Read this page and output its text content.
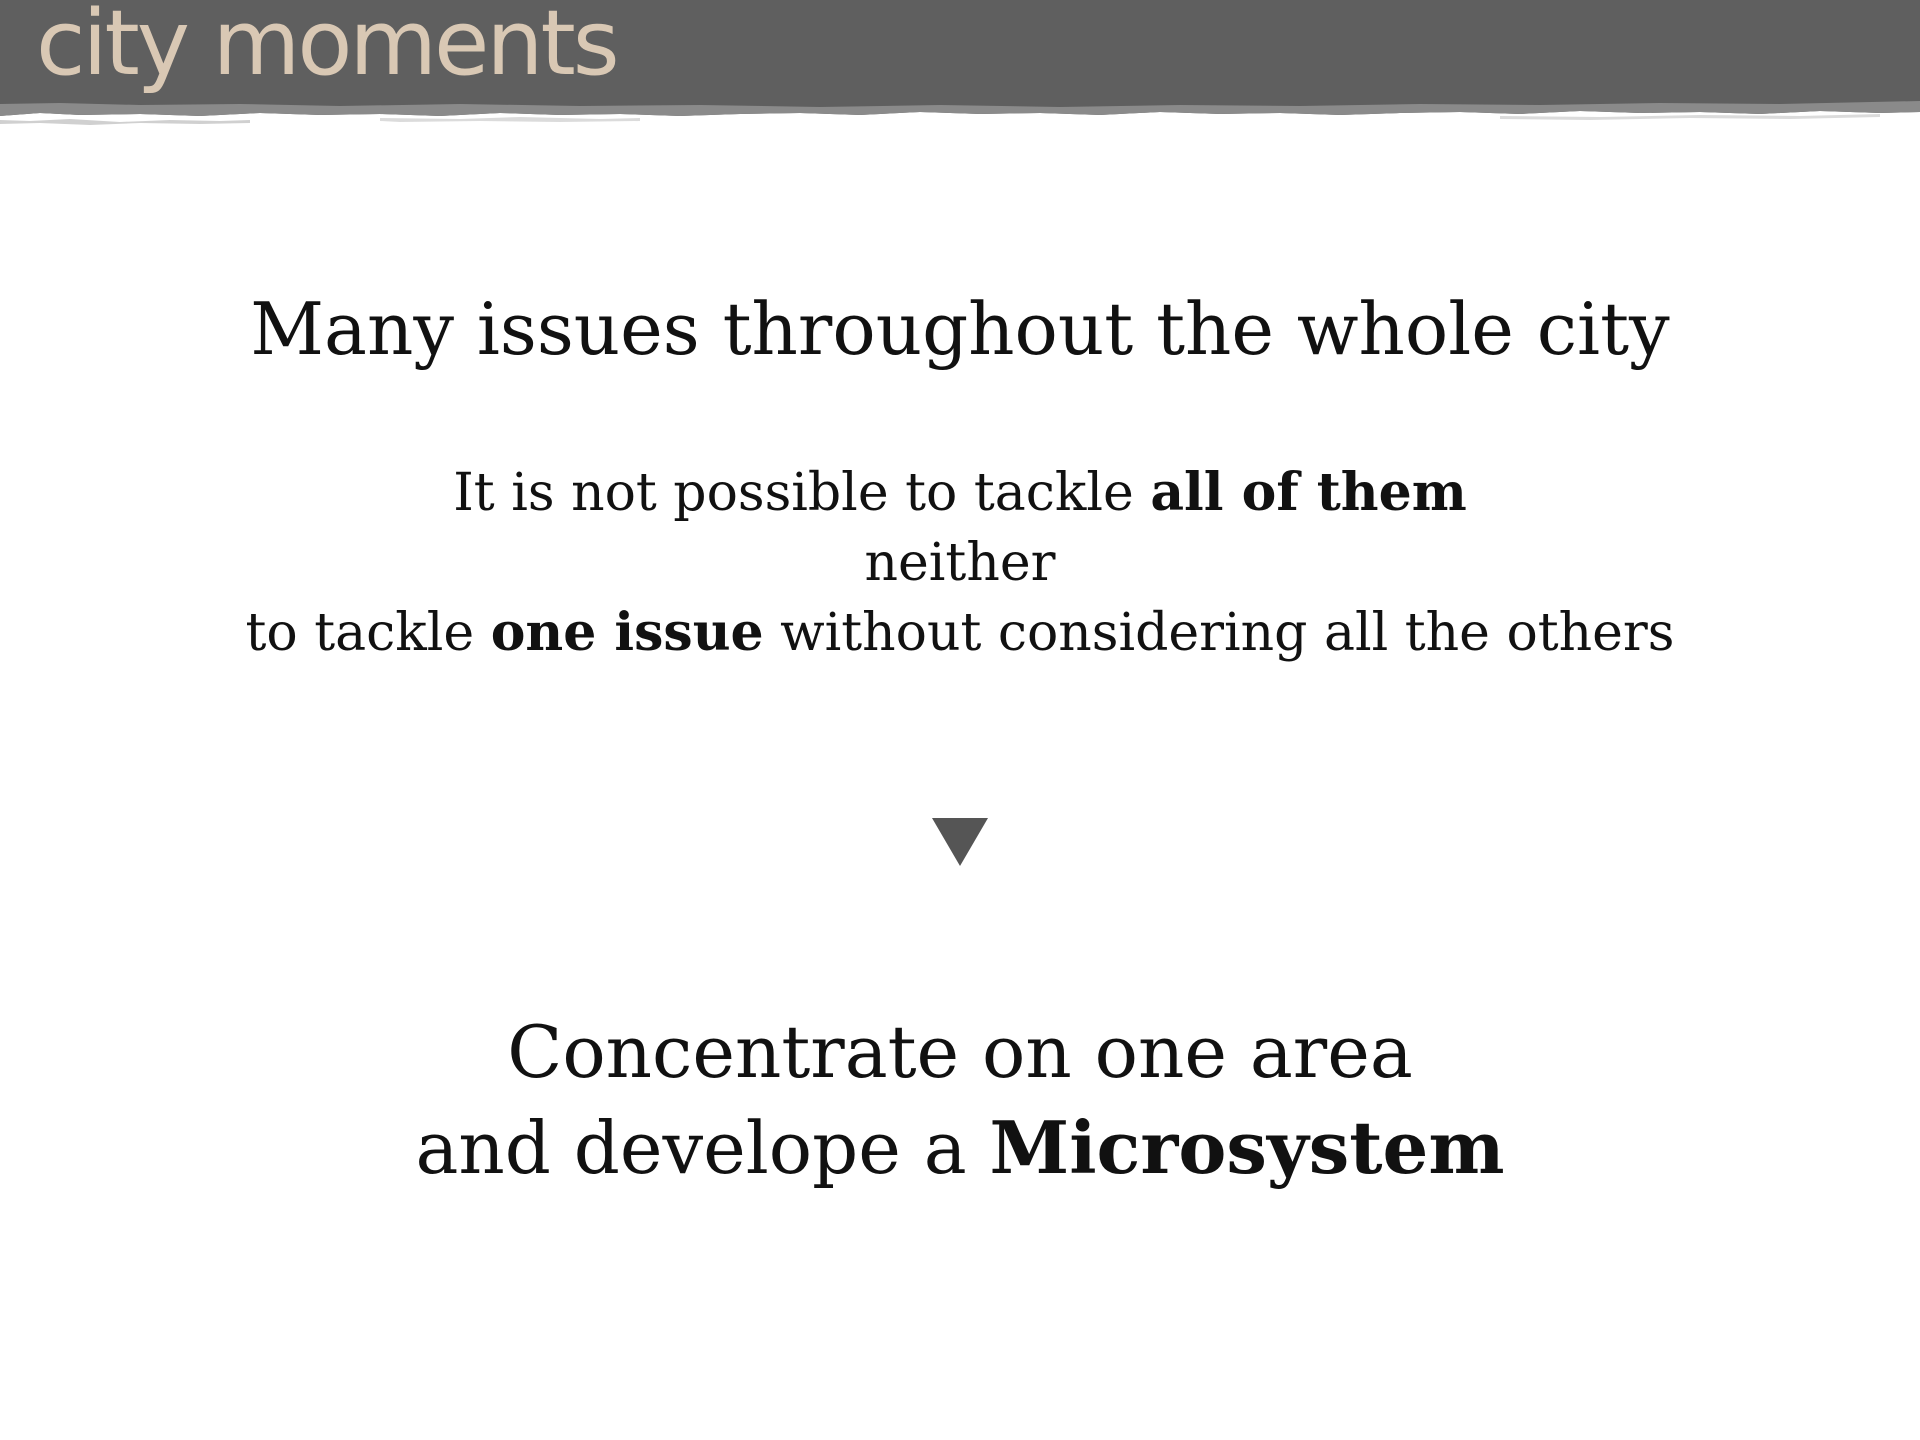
city moments
Many issues throughout the whole city
It is not possible to tackle all of them
neither
to tackle one issue without considering all the others
Concentrate on one area
and develope a Microsystem
